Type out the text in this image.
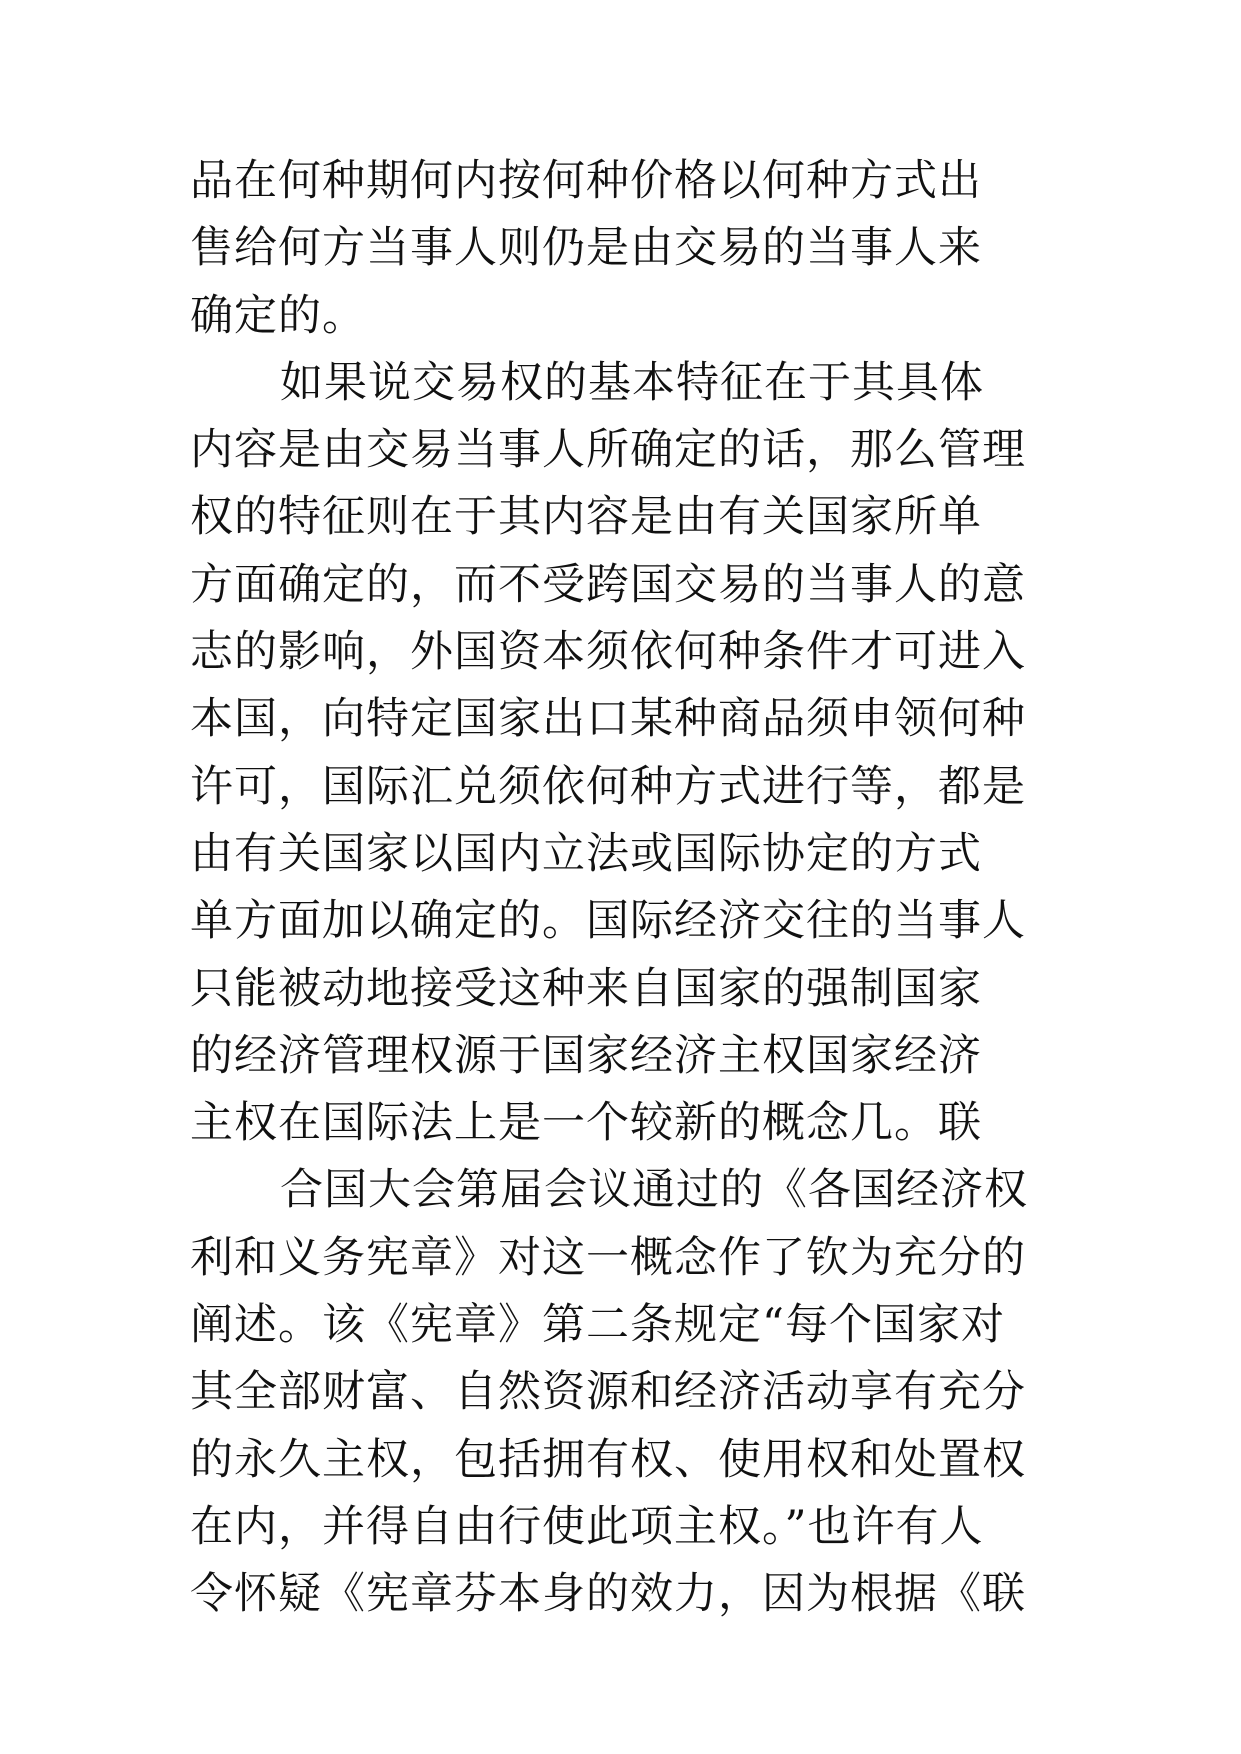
品在何种期何内按何种价格以何种方式出
售给何方当事人则仍是由交易的当事人来
确定的。
如果说交易权的基本特征在于其具体
内容是由交易当事人所确定的话，那么管理
权的特征则在于其内容是由有关国家所单
方面确定的，而不受跨国交易的当事人的意
志的影响，外国资本须依何种条件才可进入
本国，向特定国家出口某种商品须申领何种
许可，国际汇兑须依何种方式进行等，都是
由有关国家以国内立法或国际协定的方式
单方面加以确定的。国际经济交往的当事人
只能被动地接受这种来自国家的强制国家
的经济管理权源于国家经济主权国家经济
主权在国际法上是一个较新的概念几。联
合国大会第届会议通过的《各国经济权
利和义务宪章》对这一概念作了钦为充分的
阐述。该《宪章》第二条规定“每个国家对
其全部财富、自然资源和经济活动享有充分
的永久主权，包括拥有权、使用权和处置权
在内，并得自由行使此项主权。”也许有人
令怀疑《宪章芬本身的效力，因为根据《联
